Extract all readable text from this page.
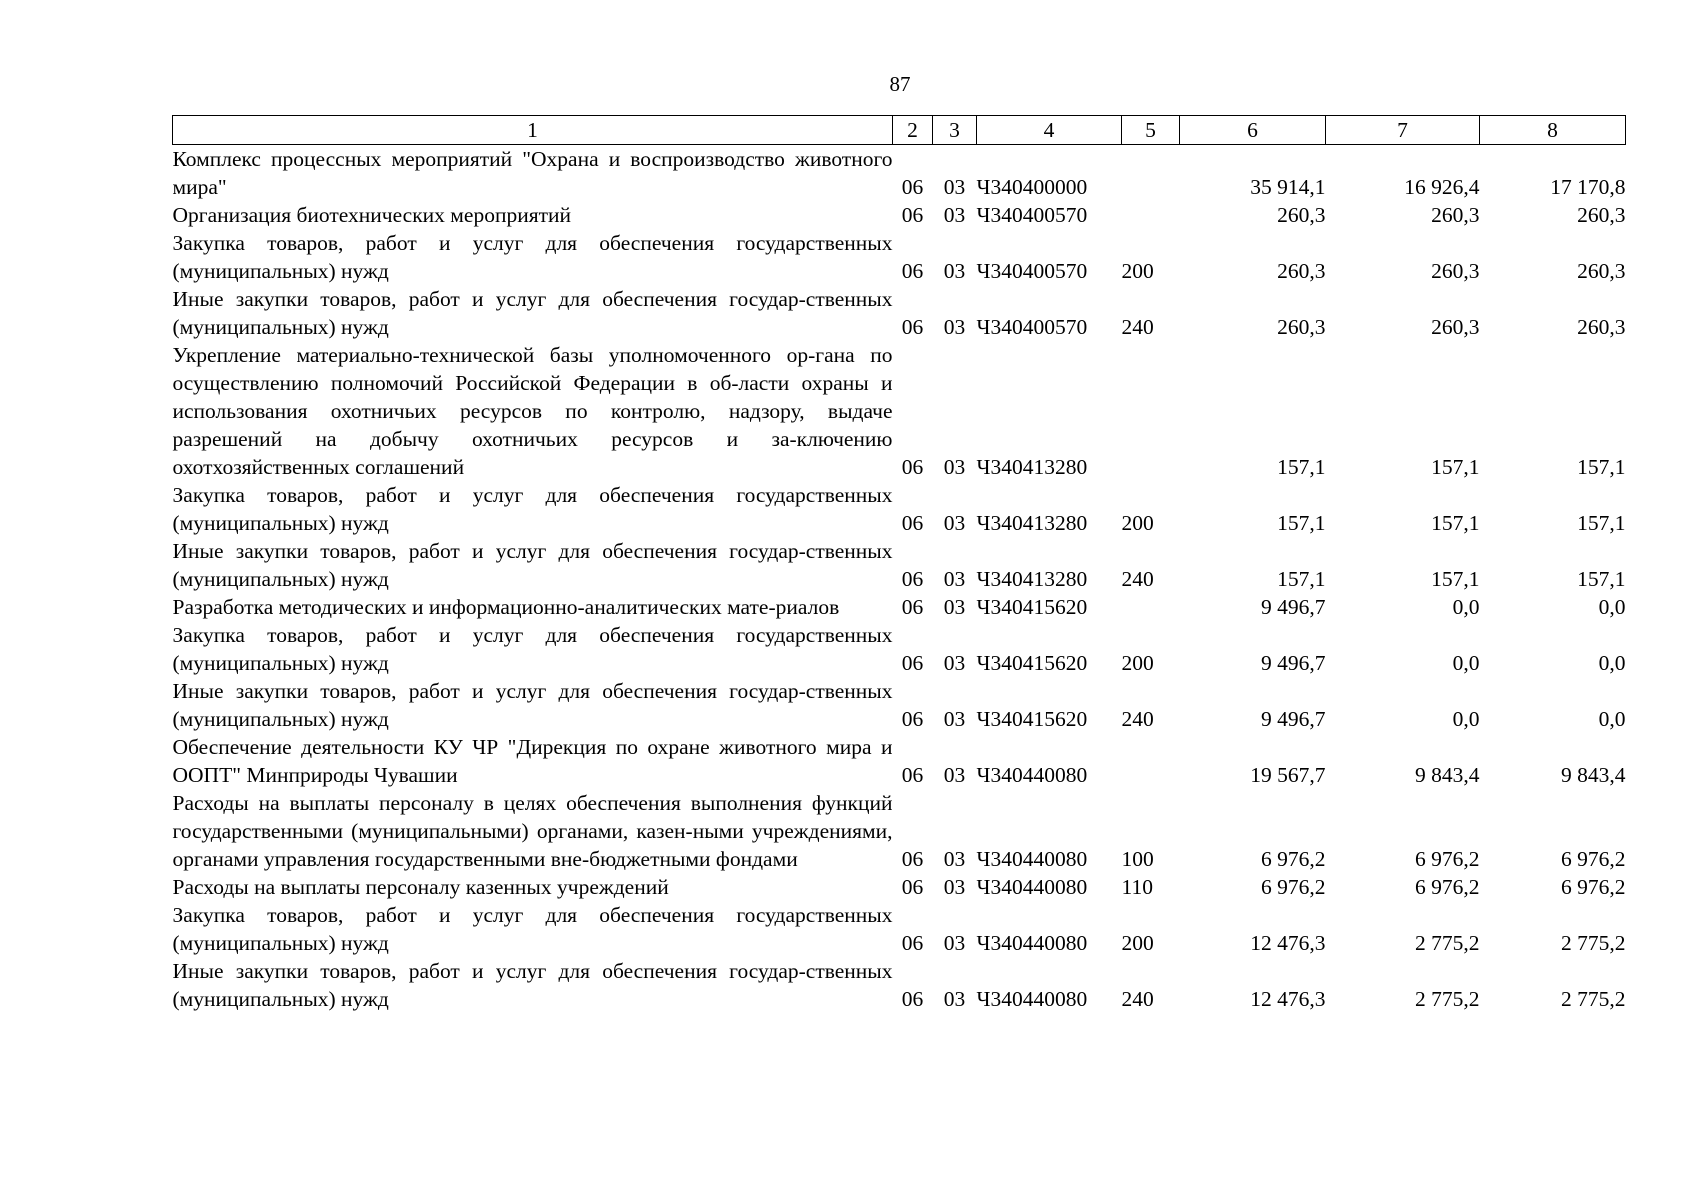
87
1	2	3	4	5	6	7	8
Комплекс процессных мероприятий "Охрана и воспроизводство животного мира"	06	03	Ч340400000		35 914,1	16 926,4	17 170,8
Организация биотехнических мероприятий	06	03	Ч340400570		260,3	260,3	260,3
Закупка товаров, работ и услуг для обеспечения государственных (муниципальных) нужд	06	03	Ч340400570	200	260,3	260,3	260,3
Иные закупки товаров, работ и услуг для обеспечения государ-ственных (муниципальных) нужд	06	03	Ч340400570	240	260,3	260,3	260,3
Укрепление материально-технической базы уполномоченного ор-гана по осуществлению полномочий Российской Федерации в об-ласти охраны и использования охотничьих ресурсов по контролю, надзору, выдаче разрешений на добычу охотничьих ресурсов и за-ключению охотхозяйственных соглашений	06	03	Ч340413280		157,1	157,1	157,1
Закупка товаров, работ и услуг для обеспечения государственных (муниципальных) нужд	06	03	Ч340413280	200	157,1	157,1	157,1
Иные закупки товаров, работ и услуг для обеспечения государ-ственных (муниципальных) нужд	06	03	Ч340413280	240	157,1	157,1	157,1
Разработка методических и информационно-аналитических мате-риалов	06	03	Ч340415620		9 496,7	0,0	0,0
Закупка товаров, работ и услуг для обеспечения государственных (муниципальных) нужд	06	03	Ч340415620	200	9 496,7	0,0	0,0
Иные закупки товаров, работ и услуг для обеспечения государ-ственных (муниципальных) нужд	06	03	Ч340415620	240	9 496,7	0,0	0,0
Обеспечение деятельности КУ ЧР "Дирекция по охране животного мира и ООПТ" Минприроды Чувашии	06	03	Ч340440080		19 567,7	9 843,4	9 843,4
Расходы на выплаты персоналу в целях обеспечения выполнения функций государственными (муниципальными) органами, казен-ными учреждениями, органами управления государственными вне-бюджетными фондами	06	03	Ч340440080	100	6 976,2	6 976,2	6 976,2
Расходы на выплаты персоналу казенных учреждений	06	03	Ч340440080	110	6 976,2	6 976,2	6 976,2
Закупка товаров, работ и услуг для обеспечения государственных (муниципальных) нужд	06	03	Ч340440080	200	12 476,3	2 775,2	2 775,2
Иные закупки товаров, работ и услуг для обеспечения государ-ственных (муниципальных) нужд	06	03	Ч340440080	240	12 476,3	2 775,2	2 775,2
